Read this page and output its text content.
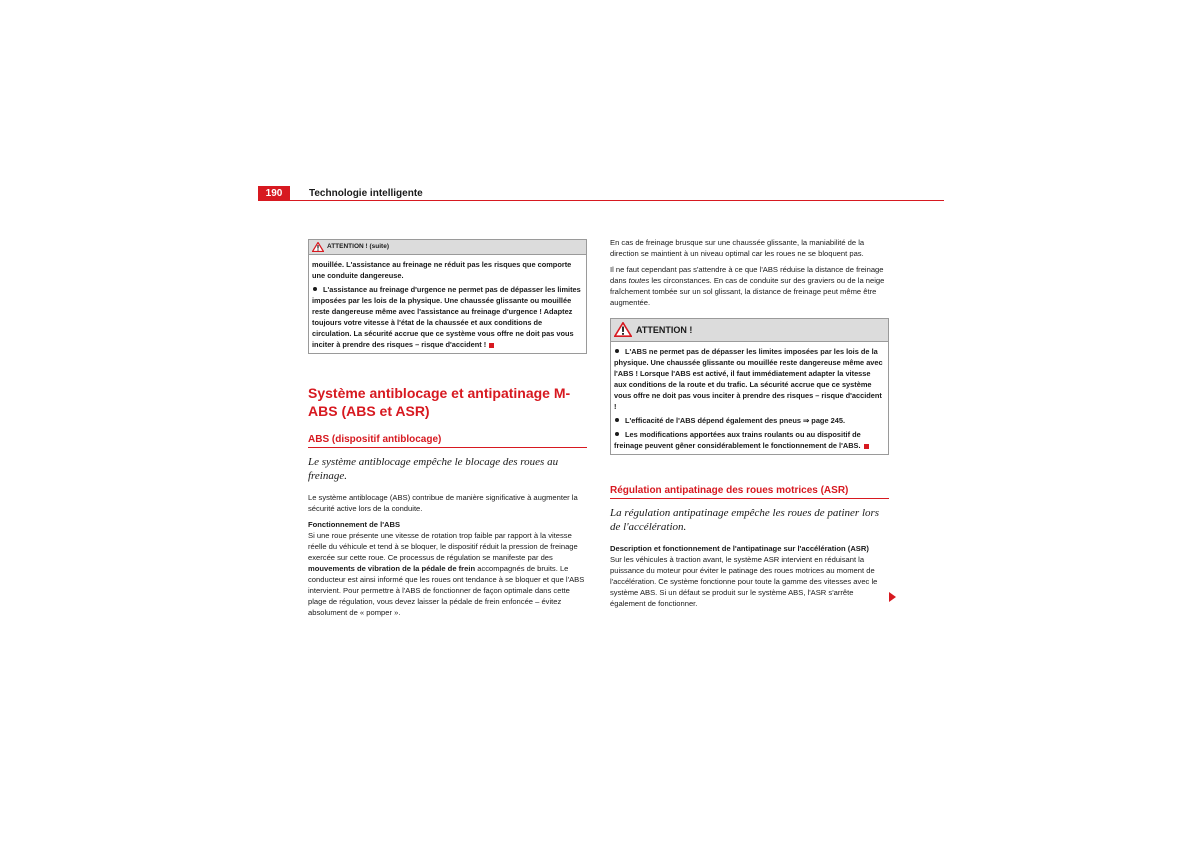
190	Technologie intelligente
ATTENTION ! (suite)

mouillée. L'assistance au freinage ne réduit pas les risques que comporte une conduite dangereuse.

L'assistance au freinage d'urgence ne permet pas de dépasser les limites imposées par les lois de la physique. Une chaussée glissante ou mouillée reste dangereuse même avec l'assistance au freinage d'urgence ! Adaptez toujours votre vitesse à l'état de la chaussée et aux conditions de circulation. La sécurité accrue que ce système vous offre ne doit pas vous inciter à prendre des risques – risque d'accident !

Système antiblocage et antipatinage M-ABS (ABS et ASR)
ABS (dispositif antiblocage)

Le système antiblocage empêche le blocage des roues au freinage.

Le système antiblocage (ABS) contribue de manière significative à augmenter la sécurité active lors de la conduite.

Fonctionnement de l'ABS

Si une roue présente une vitesse de rotation trop faible par rapport à la vitesse réelle du véhicule et tend à se bloquer, le dispositif réduit la pression de freinage exercée sur cette roue. Ce processus de régulation se manifeste par des mouvements de vibration de la pédale de frein accompagnés de bruits. Le conducteur est ainsi informé que les roues ont tendance à se bloquer et que l'ABS intervient. Pour permettre à l'ABS de fonctionner de façon optimale dans cette plage de régulation, vous devez laisser la pédale de frein enfoncée – évitez absolument de « pomper ».

En cas de freinage brusque sur une chaussée glissante, la maniabilité de la direction se maintient à un niveau optimal car les roues ne se bloquent pas.

Il ne faut cependant pas s'attendre à ce que l'ABS réduise la distance de freinage dans toutes les circonstances. En cas de conduite sur des graviers ou de la neige fraîchement tombée sur un sol glissant, la distance de freinage peut même être augmentée.

ATTENTION !

L'ABS ne permet pas de dépasser les limites imposées par les lois de la physique. Une chaussée glissante ou mouillée reste dangereuse même avec l'ABS ! Lorsque l'ABS est activé, il faut immédiatement adapter la vitesse aux conditions de la route et du trafic. La sécurité accrue que ce système vous offre ne doit pas vous inciter à prendre des risques – risque d'accident !

L'efficacité de l'ABS dépend également des pneus ⇒ page 245.

Les modifications apportées aux trains roulants ou au dispositif de freinage peuvent gêner considérablement le fonctionnement de l'ABS.

Régulation antipatinage des roues motrices (ASR)

La régulation antipatinage empêche les roues de patiner lors de l'accélération.

Description et fonctionnement de l'antipatinage sur l'accélération (ASR)

Sur les véhicules à traction avant, le système ASR intervient en réduisant la puissance du moteur pour éviter le patinage des roues motrices au moment de l'accélération. Ce système fonctionne pour toute la gamme des vitesses avec le système ABS. Si un défaut se produit sur le système ABS, l'ASR s'arrête également de fonctionner.
